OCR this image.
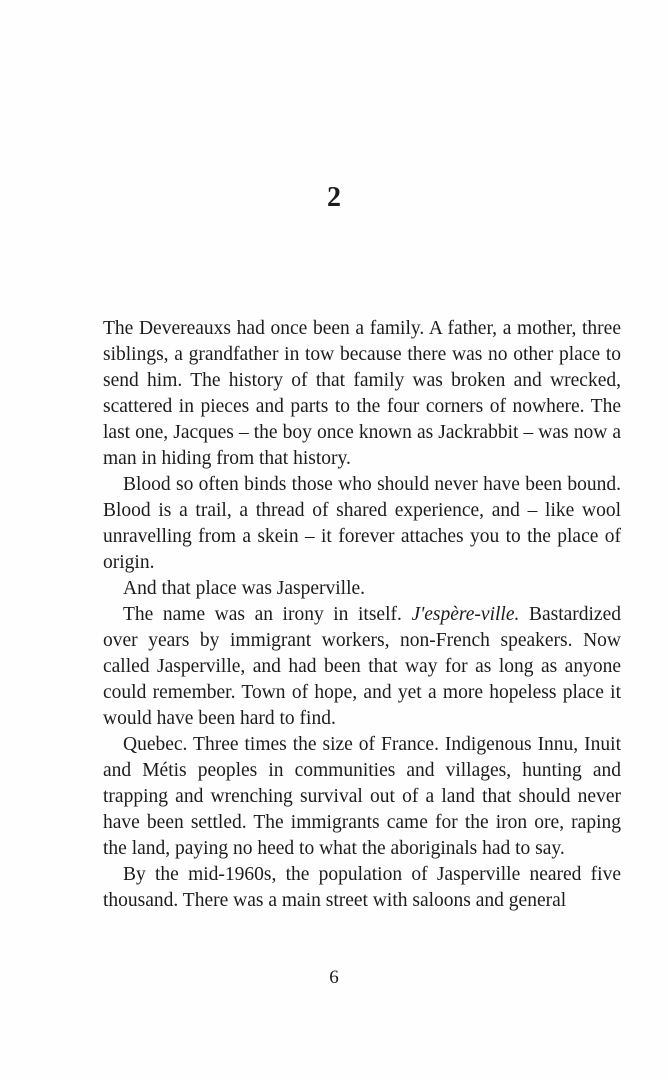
2

The Devereauxs had once been a family. A father, a mother, three siblings, a grandfather in tow because there was no other place to send him. The history of that family was broken and wrecked, scattered in pieces and parts to the four corners of nowhere. The last one, Jacques – the boy once known as Jackrabbit – was now a man in hiding from that history.

Blood so often binds those who should never have been bound. Blood is a trail, a thread of shared experience, and – like wool unravelling from a skein – it forever attaches you to the place of origin.

And that place was Jasperville.

The name was an irony in itself. J'espère-ville. Bastardized over years by immigrant workers, non-French speakers. Now called Jasperville, and had been that way for as long as anyone could remember. Town of hope, and yet a more hopeless place it would have been hard to find.

Quebec. Three times the size of France. Indigenous Innu, Inuit and Métis peoples in communities and villages, hunting and trapping and wrenching survival out of a land that should never have been settled. The immigrants came for the iron ore, raping the land, paying no heed to what the aboriginals had to say.

By the mid-1960s, the population of Jasperville neared five thousand. There was a main street with saloons and general

6
